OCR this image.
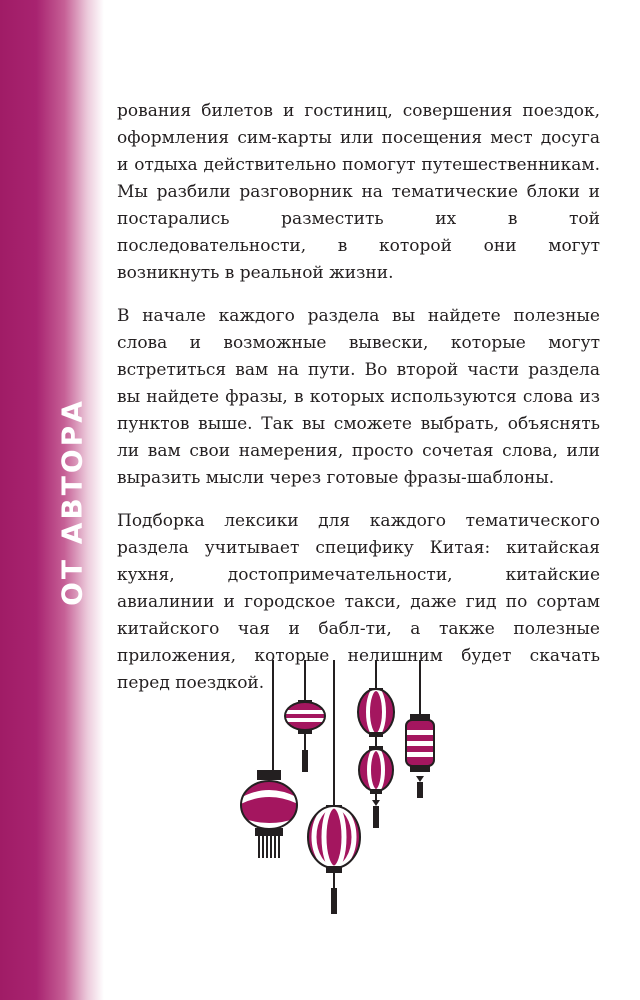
ОТ АВТОРА

рования билетов и гостиниц, совершения поездок, оформления сим-карты или посещения мест досуга и отдыха действительно помогут путешественникам. Мы разбили разговорник на тематические блоки и постарались разместить их в той последовательности, в которой они могут возникнуть в реальной жизни.

В начале каждого раздела вы найдете полезные слова и возможные вывески, которые могут встретиться вам на пути. Во второй части раздела вы найдете фразы, в которых используются слова из пунктов выше. Так вы сможете выбрать, объяснять ли вам свои намерения, просто сочетая слова, или выразить мысли через готовые фразы-шаблоны.

Подборка лексики для каждого тематического раздела учитывает специфику Китая: китайская кухня, достопримечательности, китайские авиалинии и городское такси, даже гид по сортам китайского чая и бабл-ти, а также полезные приложения, которые нелишним будет скачать перед поездкой.
